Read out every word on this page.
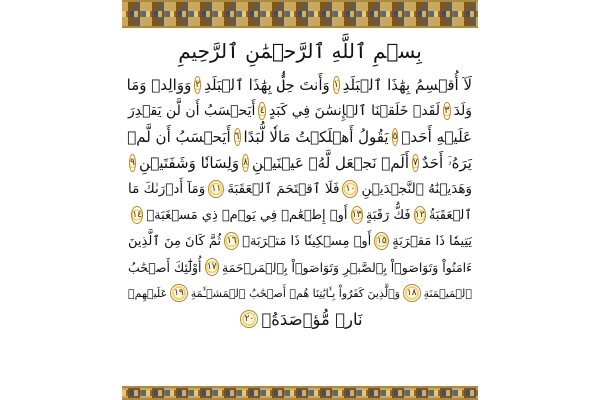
بِسۡمِ ٱللَّهِ ٱلرَّحۡمَٰنِ ٱلرَّحِيمِ
لَآ أُقۡسِمُ بِهَٰذَا ٱلۡبَلَدِ
١
وَأَنتَ حِلُّۢ بِهَٰذَا ٱلۡبَلَدِ
٢
وَوَالِدٖ وَمَا
وَلَدَ
٣
لَقَدۡ خَلَقۡنَا ٱلۡإِنسَٰنَ فِي كَبَدٍ
٤
أَيَحۡسَبُ أَن لَّن يَقۡدِرَ
عَلَيۡهِ أَحَدٞ
٥
يَقُولُ أَهۡلَكۡتُ مَالٗا لُّبَدًا
٦
أَيَحۡسَبُ أَن لَّمۡ
يَرَهُۥٓ أَحَدٌ
٧
أَلَمۡ نَجۡعَل لَّهُۥ عَيۡنَيۡنِ
٨
وَلِسَانٗا وَشَفَتَيۡنِ
٩
وَهَدَيۡنَٰهُ ٱلنَّجۡدَيۡنِ
١٠
فَلَا ٱقۡتَحَمَ ٱلۡعَقَبَةَ
١١
وَمَآ أَدۡرَىٰكَ مَا
ٱلۡعَقَبَةُ
١٢
فَكُّ رَقَبَةٍ
١٣
أَوۡ إِطۡعَٰمٞ فِي يَوۡمٖ ذِي مَسۡغَبَةٖ
١٤
يَتِيمٗا ذَا مَقۡرَبَةٍ
١٥
أَوۡ مِسۡكِينٗا ذَا مَتۡرَبَةٖ
١٦
ثُمَّ كَانَ مِنَ ٱلَّذِينَ
ءَامَنُواْ وَتَوَاصَوۡاْ بِٱلصَّبۡرِ وَتَوَاصَوۡاْ بِٱلۡمَرۡحَمَةِ
١٧
أُوْلَٰٓئِكَ أَصۡحَٰبُ
ٱلۡمَيۡمَنَةِ
١٨
وَٱلَّذِينَ كَفَرُواْ بِـَٔايَٰتِنَا هُمۡ أَصۡحَٰبُ ٱلۡمَشۡـَٔمَةِ
١٩
عَلَيۡهِمۡ
نَارٞ مُّؤۡصَدَةُۢ
٢٠
